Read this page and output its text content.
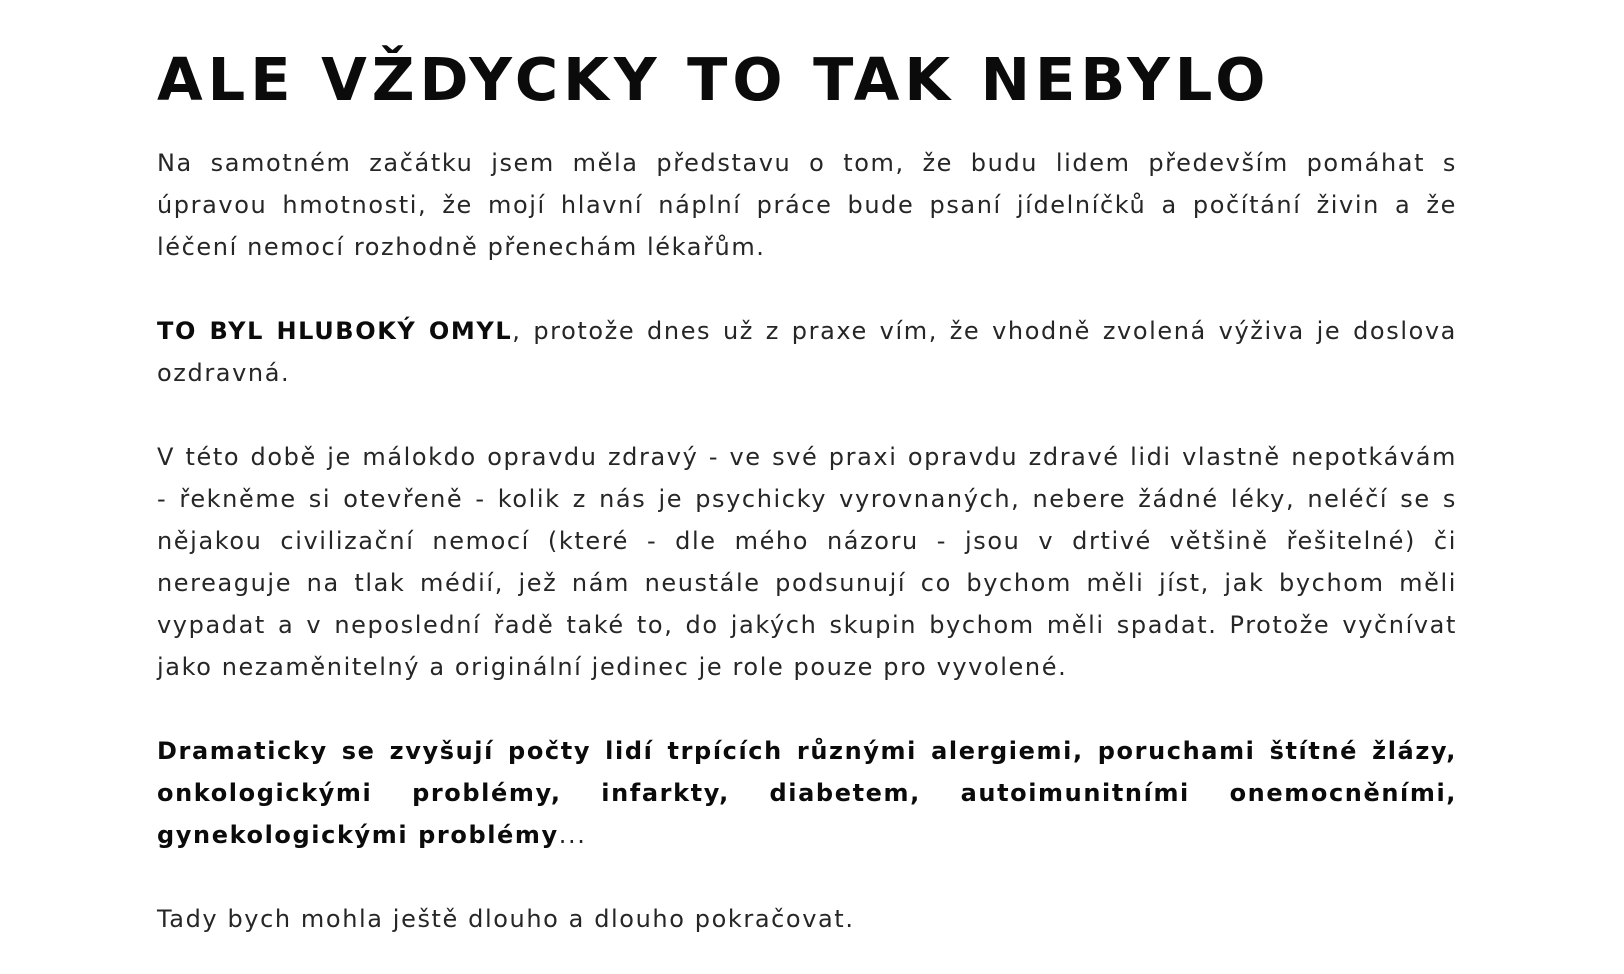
ALE VŽDYCKY TO TAK NEBYLO

Na samotném začátku jsem měla představu o tom, že budu lidem především pomáhat s úpravou hmotnosti, že mojí hlavní náplní práce bude psaní jídelníčků a počítání živin a že léčení nemocí rozhodně přenechám lékařům.

TO BYL HLUBOKÝ OMYL, protože dnes už z praxe vím, že vhodně zvolená výživa je doslova ozdravná.

V této době je málokdo opravdu zdravý - ve své praxi opravdu zdravé lidi vlastně nepotkávám - řekněme si otevřeně - kolik z nás je psychicky vyrovnaných, nebere žádné léky, neléčí se s nějakou civilizační nemocí (které - dle mého názoru - jsou v drtivé většině řešitelné) či nereaguje na tlak médií, jež nám neustále podsunují co bychom měli jíst, jak bychom měli vypadat a v neposlední řadě také to, do jakých skupin bychom měli spadat. Protože vyčnívat jako nezaměnitelný a originální jedinec je role pouze pro vyvolené.

Dramaticky se zvyšují počty lidí trpících různými alergiemi, poruchami štítné žlázy, onkologickými problémy, infarkty, diabetem, autoimunitními onemocněními, gynekologickými problémy...

Tady bych mohla ještě dlouho a dlouho pokračovat.
